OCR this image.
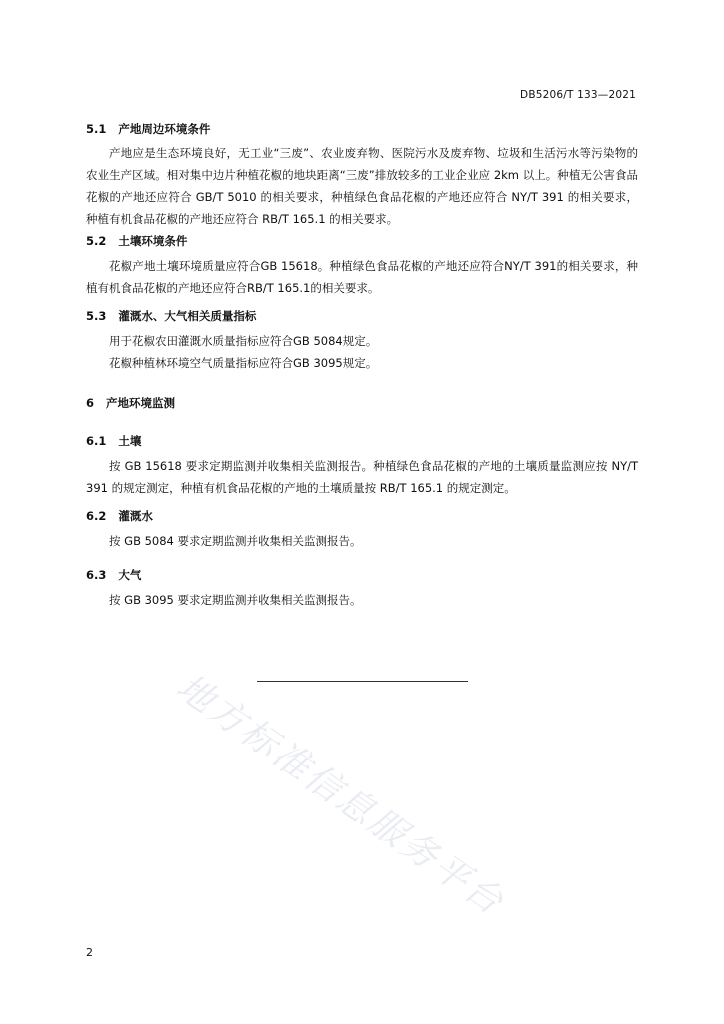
DB5206/T 133—2021
5.1 产地周边环境条件
产地应是生态环境良好，无工业“三废”、农业废弃物、医院污水及废弃物、垃圾和生活污水等污染物的农业生产区域。相对集中边片种植花椒的地块距离“三废”排放较多的工业企业应 2km 以上。种植无公害食品花椒的产地还应符合 GB/T 5010 的相关要求，种植绿色食品花椒的产地还应符合 NY/T 391 的相关要求，种植有机食品花椒的产地还应符合 RB/T 165.1 的相关要求。
5.2 土壤环境条件
花椒产地土壤环境质量应符合GB 15618。种植绿色食品花椒的产地还应符合NY/T 391的相关要求，种植有机食品花椒的产地还应符合RB/T 165.1的相关要求。
5.3 灌溉水、大气相关质量指标
用于花椒农田灌溉水质量指标应符合GB 5084规定。
花椒种植林环境空气质量指标应符合GB 3095规定。
6 产地环境监测
6.1 土壤
按 GB 15618 要求定期监测并收集相关监测报告。种植绿色食品花椒的产地的土壤质量监测应按 NY/T 391 的规定测定，种植有机食品花椒的产地的土壤质量按 RB/T 165.1 的规定测定。
6.2 灌溉水
按 GB 5084 要求定期监测并收集相关监测报告。
6.3 大气
按 GB 3095 要求定期监测并收集相关监测报告。
地方标准信息服务平台
2
